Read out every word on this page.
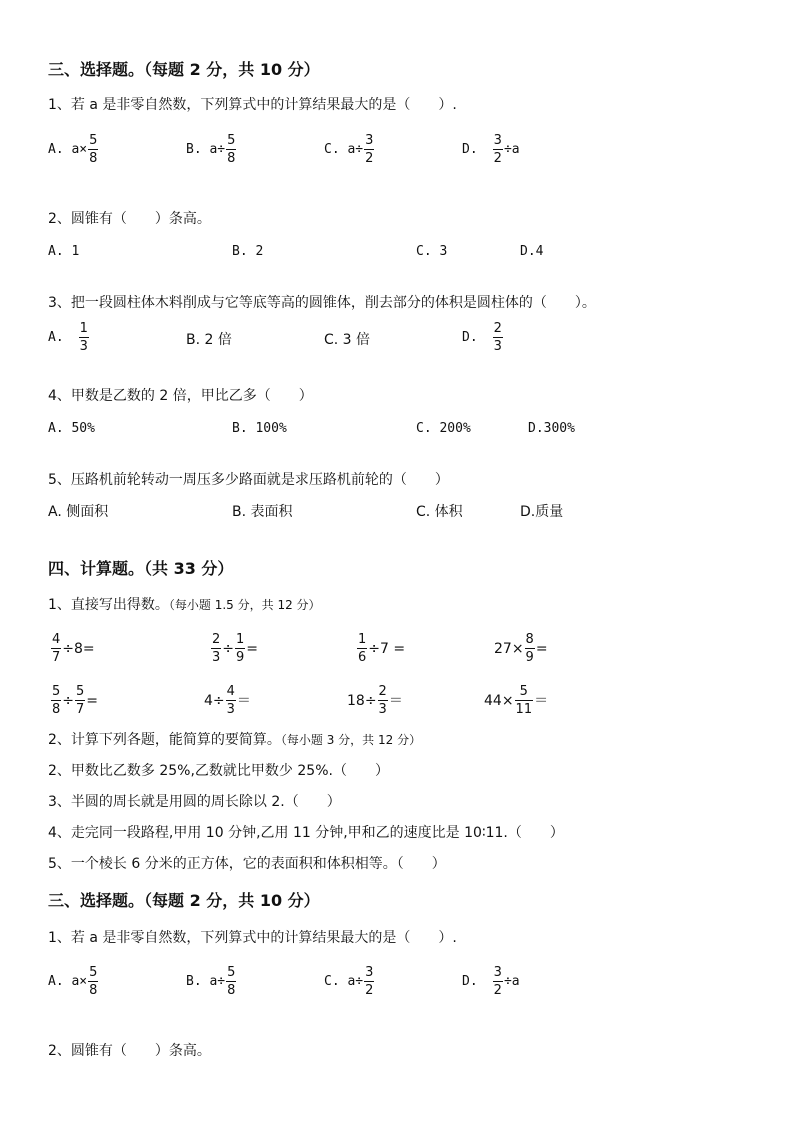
三、选择题。（每题 2 分，共 10 分）
1、若 a 是非零自然数，下列算式中的计算结果最大的是（　　）.
A. $a\times \frac{5}{8}$	B. $a\div \frac{5}{8}$	C. $a\div \frac{3}{2}$	D. $\frac{3}{2} \div a$
2、圆锥有（　　）条高。
A. 1	B. 2	C. 3	D.4
3、把一段圆柱体木料削成与它等底等高的圆锥体，削去部分的体积是圆柱体的（　　）。
A. $\frac{1}{3}$	B. 2 倍	C. 3 倍	D. $\frac{2}{3}$
4、甲数是乙数的 2 倍，甲比乙多（　　）
A. 50%	B. 100%	C. 200%	D.300%
5、压路机前轮转动一周压多少路面就是求压路机前轮的（　　）
A. 侧面积	B. 表面积	C. 体积	D.质量
四、计算题。（共 33 分）
1、直接写出得数。（每小题 1.5 分，共 12 分）
$\frac{4}{7} \div 8=$	$\frac{2}{3} \div \frac{1}{9}$ =	$\frac{1}{6} \div 7$ =	$27\times \frac{8}{9}$ =
$\frac{5}{8} \div \frac{5}{7}$ =	$4\div \frac{4}{3}$ ＝	$18\div \frac{2}{3}$ ＝	$44\times \frac{5}{11}$ ＝
2、计算下列各题，能简算的要简算。（每小题 3 分，共 12 分）
2、甲数比乙数多 25%,乙数就比甲数少 25%.（　　）
3、半圆的周长就是用圆的周长除以 2.（　　）
4、走完同一段路程,甲用 10 分钟,乙用 11 分钟,甲和乙的速度比是 10∶11.（　　）
5、一个棱长 6 分米的正方体，它的表面积和体积相等。（　　）
三、选择题。（每题 2 分，共 10 分）
1、若 a 是非零自然数，下列算式中的计算结果最大的是（　　）.
A. $a\times \frac{5}{8}$	B. $a\div \frac{5}{8}$	C. $a\div \frac{3}{2}$	D. $\frac{3}{2} \div a$
2、圆锥有（　　）条高。
